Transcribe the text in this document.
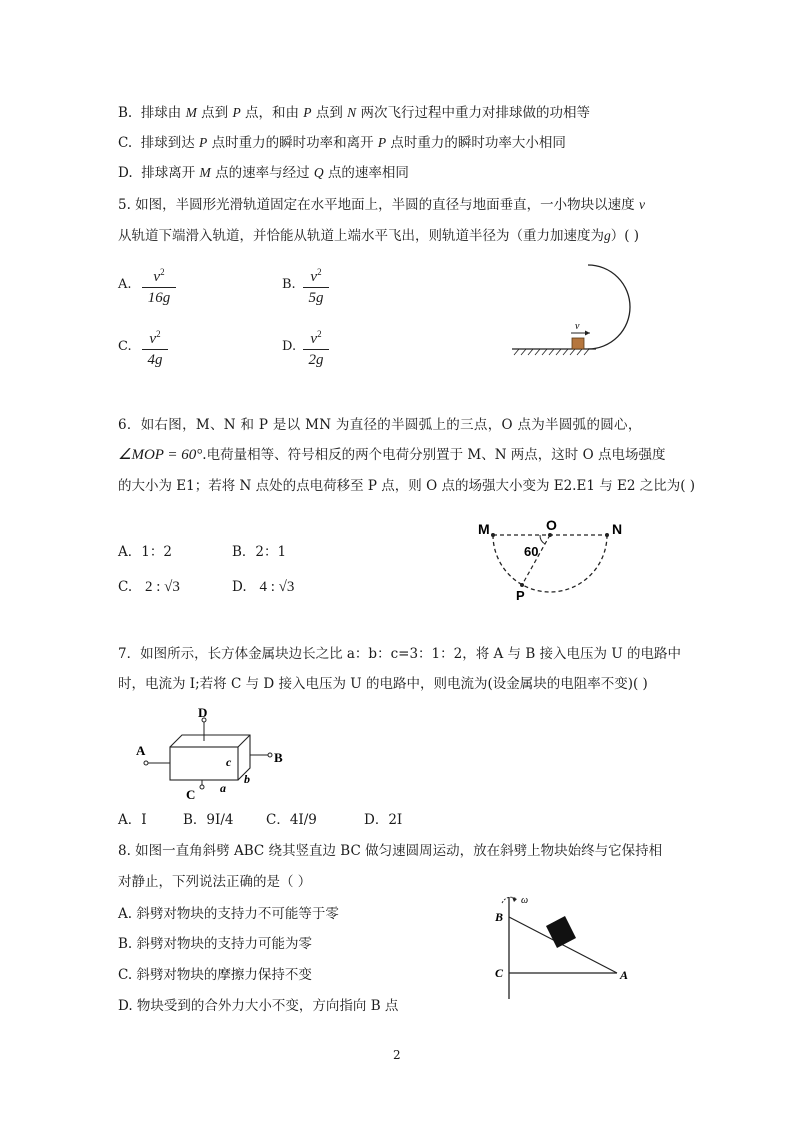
B. 排球由 M 点到 P 点，和由 P 点到 N 两次飞行过程中重力对排球做的功相等
C. 排球到达 P 点时重力的瞬时功率和离开 P 点时重力的瞬时功率大小相同
D. 排球离开 M 点的速率与经过 Q 点的速率相同
5. 如图，半圆形光滑轨道固定在水平地面上，半圆的直径与地面垂直，一小物块以速度 v
从轨道下端滑入轨道，并恰能从轨道上端水平飞出，则轨道半径为（重力加速度为g）( )
A. $\frac{v^2}{16g}$	B. $\frac{v^2}{5g}$
C. $\frac{v^2}{4g}$	D. $\frac{v^2}{2g}$	v
6．如右图，M、N 和 P 是以 MN 为直径的半圆弧上的三点，O 点为半圆弧的圆心，
∠MOP = 60°.电荷量相等、符号相反的两个电荷分别置于 M、N 两点，这时 O 点电场强度
的大小为 E1；若将 N 点处的点电荷移至 P 点，则 O 点的场强大小变为 E2.E1 与 E2 之比为( )
A．1：2	B．2：1
C. 2 : √3	D. 4 : √3
M	O	N
P
60
7．如图所示，长方体金属块边长之比 a：b：c=3：1：2，将 A 与 B 接入电压为 U 的电路中
时，电流为 I;若将 C 与 D 接入电压为 U 的电路中，则电流为(设金属块的电阻率不变)( )
A	B
C
D
a
b
c
A．I	B．9I/4 C．4I/9	D．2I
8. 如图一直角斜劈 ABC 绕其竖直边 BC 做匀速圆周运动，放在斜劈上物块始终与它保持相
对静止，下列说法正确的是（ ）
A. 斜劈对物块的支持力不可能等于零
B. 斜劈对物块的支持力可能为零
C. 斜劈对物块的摩擦力保持不变
D. 物块受到的合外力大小不变，方向指向 B 点
ω
B
C	A
2
